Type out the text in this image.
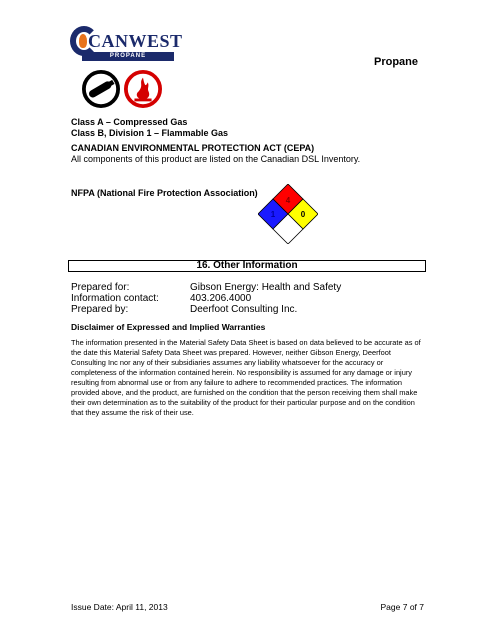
CANWEST
PROPANE	Propane
Class A – Compressed Gas
Class B, Division 1 – Flammable Gas
CANADIAN ENVIRONMENTAL PROTECTION ACT (CEPA)
All components of this product are listed on the Canadian DSL Inventory.
NFPA (National Fire Protection Association)
4
1	0
16. Other Information
Prepared for:	Gibson Energy: Health and Safety
Information contact:	403.206.4000
Prepared by:	Deerfoot Consulting Inc.
Disclaimer of Expressed and Implied Warranties
The information presented in the Material Safety Data Sheet is based on data believed to be accurate as of the date this Material Safety Data Sheet was prepared. However, neither Gibson Energy, Deerfoot Consulting Inc nor any of their subsidiaries assumes any liability whatsoever for the accuracy or completeness of the information contained herein. No responsibility is assumed for any damage or injury resulting from abnormal use or from any failure to adhere to recommended practices. The information provided above, and the product, are furnished on the condition that the person receiving them shall make their own determination as to the suitability of the product for their particular purpose and on the condition that they assume the risk of their use.
Issue Date: April 11, 2013	Page 7 of 7
